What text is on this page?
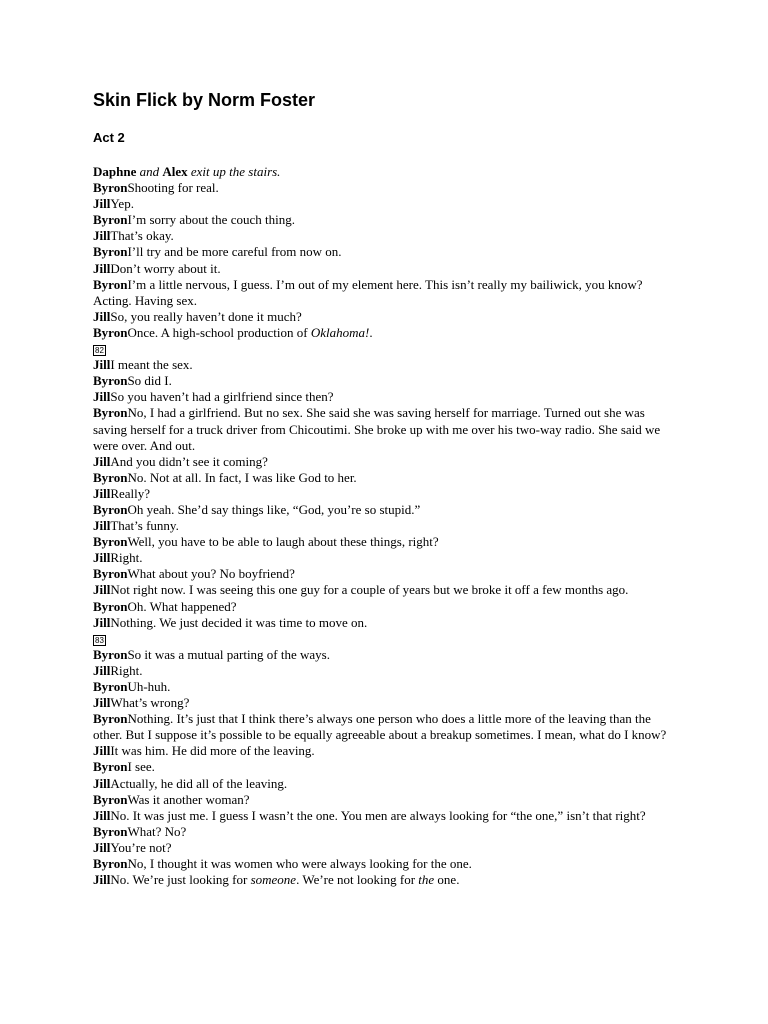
Skin Flick by Norm Foster
Act 2

Daphne and Alex exit up the stairs.

ByronShooting for real.

JillYep.

ByronI’m sorry about the couch thing.

JillThat’s okay.

ByronI’ll try and be more careful from now on.

JillDon’t worry about it.

ByronI’m a little nervous, I guess. I’m out of my element here. This isn’t really my bailiwick, you know? Acting. Having sex.

JillSo, you really haven’t done it much?

ByronOnce. A high-school production of Oklahoma!.

82

JillI meant the sex.

ByronSo did I.

JillSo you haven’t had a girlfriend since then?

ByronNo, I had a girlfriend. But no sex. She said she was saving herself for marriage. Turned out she was saving herself for a truck driver from Chicoutimi. She broke up with me over his two-way radio. She said we were over. And out.

JillAnd you didn’t see it coming?

ByronNo. Not at all. In fact, I was like God to her.

JillReally?

ByronOh yeah. She’d say things like, “God, you’re so stupid.”

JillThat’s funny.

ByronWell, you have to be able to laugh about these things, right?

JillRight.

ByronWhat about you? No boyfriend?

JillNot right now. I was seeing this one guy for a couple of years but we broke it off a few months ago.

ByronOh. What happened?

JillNothing. We just decided it was time to move on.

83

ByronSo it was a mutual parting of the ways.

JillRight.

ByronUh-huh.

JillWhat’s wrong?

ByronNothing. It’s just that I think there’s always one person who does a little more of the leaving than the other. But I suppose it’s possible to be equally agreeable about a breakup sometimes. I mean, what do I know?

JillIt was him. He did more of the leaving.

ByronI see.

JillActually, he did all of the leaving.

ByronWas it another woman?

JillNo. It was just me. I guess I wasn’t the one. You men are always looking for “the one,” isn’t that right?

ByronWhat? No?

JillYou’re not?

ByronNo, I thought it was women who were always looking for the one.

JillNo. We’re just looking for someone. We’re not looking for the one.
